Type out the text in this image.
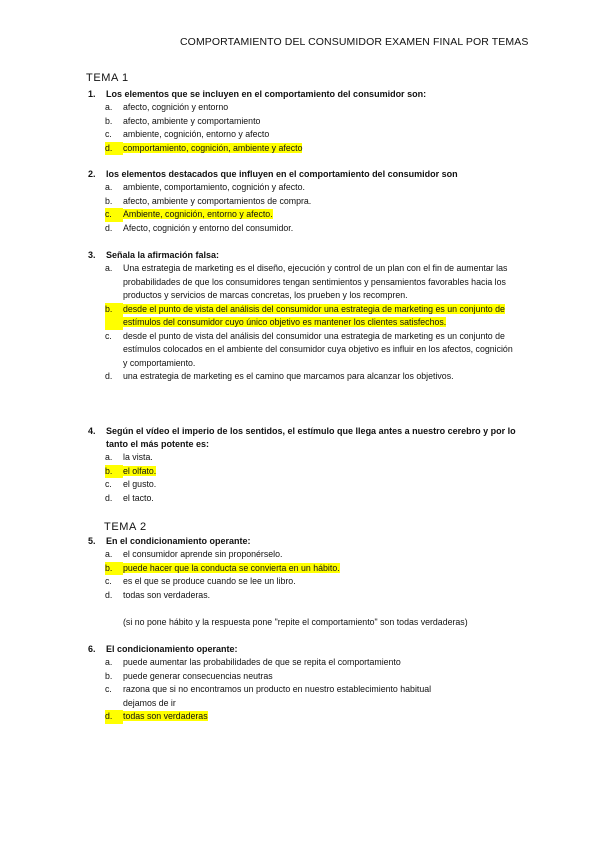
COMPORTAMIENTO DEL CONSUMIDOR EXAMEN FINAL POR TEMAS
TEMA 1
1.	Los elementos que se incluyen en el comportamiento del consumidor son:
a.	afecto, cognición y entorno
b.	afecto, ambiente y comportamiento
c.	ambiente, cognición, entorno y afecto
d.	comportamiento, cognición, ambiente y afecto
2.	los elementos destacados que influyen en el comportamiento del consumidor son
a.	ambiente, comportamiento, cognición y afecto.
b.	afecto, ambiente y comportamientos de compra.
c.	Ambiente, cognición, entorno y afecto.
d.	Afecto, cognición y entorno del consumidor.
3.	Señala la afirmación falsa:
a.	Una estrategia de marketing es el diseño, ejecución y control de un plan con el fin de aumentar las probabilidades de que los consumidores tengan sentimientos y pensamientos favorables hacia los productos y servicios de marcas concretas, los prueben y los recompren.
b.	desde el punto de vista del análisis del consumidor una estrategia de marketing es un conjunto de estímulos del consumidor cuyo único objetivo es mantener los clientes satisfechos.
c.	desde el punto de vista del análisis del consumidor una estrategia de marketing es un conjunto de estímulos colocados en el ambiente del consumidor cuya objetivo es influir en los afectos, cognición y comportamiento.
d.	una estrategia de marketing es el camino que marcamos para alcanzar los objetivos.
4.	Según el vídeo el imperio de los sentidos, el estímulo que llega antes a nuestro cerebro y por lo tanto el más potente es:
a.	la vista.
b.	el olfato.
c.	el gusto.
d.	el tacto.
TEMA 2
5.	En el condicionamiento operante:
a.	el consumidor aprende sin proponérselo.
b.	puede hacer que la conducta se convierta en un hábito.
c.	es el que se produce cuando se lee un libro.
d.	todas son verdaderas.
(si no pone hábito y la respuesta pone "repite el comportamiento" son todas verdaderas)
6.	El condicionamiento operante:
a.	puede aumentar las probabilidades de que se repita el comportamiento
b.	puede generar consecuencias neutras
c.	razona que si no encontramos un producto en nuestro establecimiento habitual dejamos de ir
d.	todas son verdaderas
